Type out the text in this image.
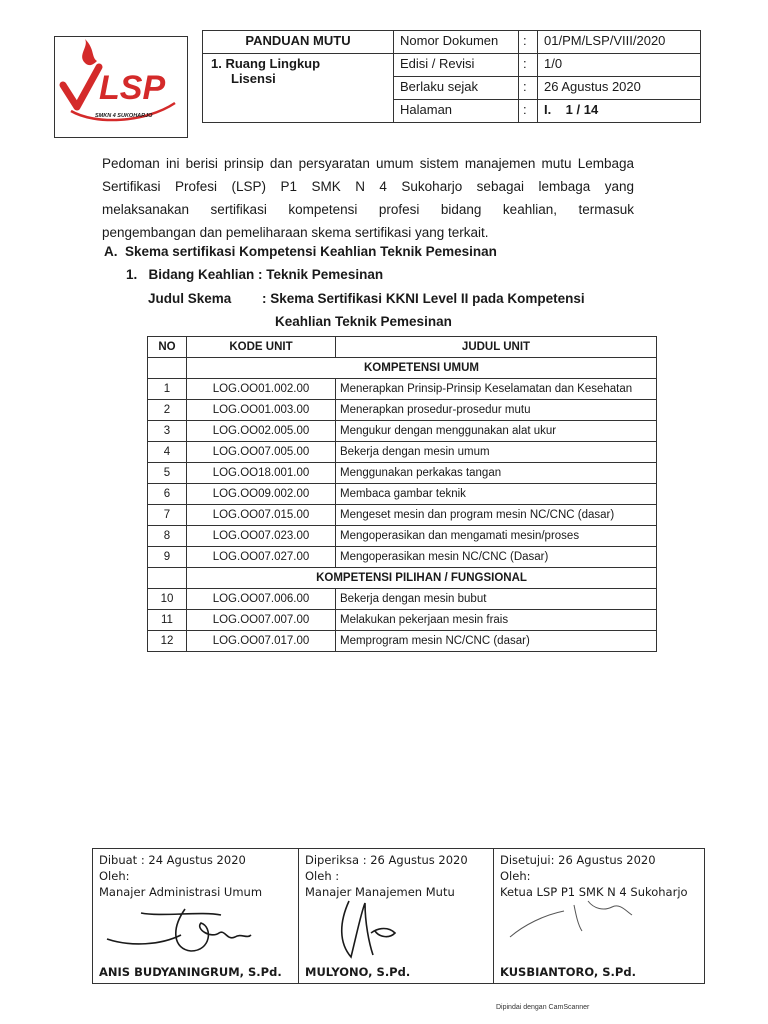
LSP
SMKN 4 SUKOHARJO
PANDUAN MUTU	Nomor Dokumen	:	01/PM/LSP/VIII/2020

1. Ruang Lingkup
Lisensi	Edisi / Revisi	:	1/0
	Berlaku sejak	:	26 Agustus 2020
	Halaman	:	I.    1 / 14
Pedoman ini berisi prinsip dan persyaratan umum sistem manajemen mutu Lembaga
Sertifikasi Profesi (LSP) P1 SMK N 4 Sukoharjo sebagai lembaga yang
melaksanakan sertifikasi kompetensi profesi bidang keahlian, termasuk
pengembangan dan pemeliharaan skema sertifikasi yang terkait.
A.  Skema sertifikasi Kompetensi Keahlian Teknik Pemesinan
1.   Bidang Keahlian : Teknik Pemesinan
Judul Skema : Skema Sertifikasi KKNI Level II pada Kompetensi
Keahlian Teknik Pemesinan
NO	KODE UNIT	JUDUL UNIT
	KOMPETENSI UMUM	
1	LOG.OO01.002.00	Menerapkan Prinsip-Prinsip Keselamatan dan Kesehatan
2	LOG.OO01.003.00	Menerapkan prosedur-prosedur mutu
3	LOG.OO02.005.00	Mengukur dengan menggunakan alat ukur
4	LOG.OO07.005.00	Bekerja dengan mesin umum
5	LOG.OO18.001.00	Menggunakan perkakas tangan
6	LOG.OO09.002.00	Membaca gambar teknik
7	LOG.OO07.015.00	Mengeset mesin dan program mesin NC/CNC (dasar)
8	LOG.OO07.023.00	Mengoperasikan dan mengamati mesin/proses
9	LOG.OO07.027.00	Mengoperasikan mesin NC/CNC (Dasar)
	KOMPETENSI PILIHAN / FUNGSIONAL	
10	LOG.OO07.006.00	Bekerja dengan mesin bubut
11	LOG.OO07.007.00	Melakukan pekerjaan mesin frais
12	LOG.OO07.017.00	Memprogram mesin NC/CNC (dasar)
Dibuat : 24 Agustus 2020
Oleh:
Manajer Administrasi Umum
ANIS BUDYANINGRUM, S.Pd.

Diperiksa : 26 Agustus 2020
Oleh :
Manajer Manajemen Mutu
MULYONO, S.Pd.

Disetujui: 26 Agustus 2020
Oleh:
Ketua LSP P1 SMK N 4 Sukoharjo
KUSBIANTORO, S.Pd.
Dipindai dengan CamScanner
